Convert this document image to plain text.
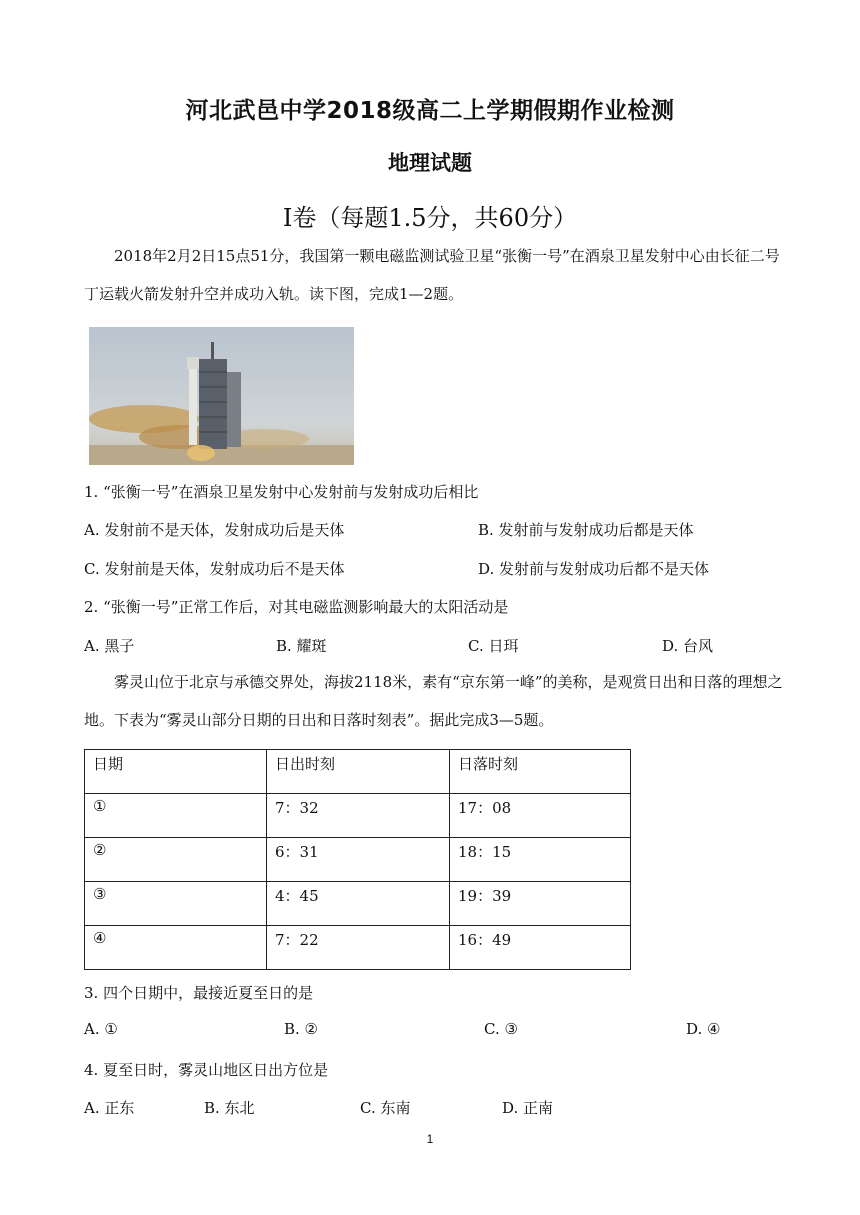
河北武邑中学2018级高二上学期假期作业检测
地理试题
Ⅰ卷（每题1.5分，共60分）
2018年2月2日15点51分，我国第一颗电磁监测试验卫星“张衡一号”在酒泉卫星发射中心由长征二号丁运载火箭发射升空并成功入轨。读下图，完成1—2题。
1. “张衡一号”在酒泉卫星发射中心发射前与发射成功后相比
A. 发射前不是天体，发射成功后是天体	B. 发射前与发射成功后都是天体
C. 发射前是天体，发射成功后不是天体	D. 发射前与发射成功后都不是天体
2. “张衡一号”正常工作后，对其电磁监测影响最大的太阳活动是
A. 黑子	B. 耀斑	C. 日珥	D. 台风
雾灵山位于北京与承德交界处，海拔2118米，素有“京东第一峰”的美称，是观赏日出和日落的理想之地。下表为“雾灵山部分日期的日出和日落时刻表”。据此完成3—5题。
日期	日出时刻	日落时刻
①	7：32	17：08
②	6：31	18：15
③	4：45	19：39
④	7：22	16：49
3. 四个日期中，最接近夏至日的是
A. ①	B. ②	C. ③	D. ④
4. 夏至日时，雾灵山地区日出方位是
A. 正东	B. 东北	C. 东南	D. 正南
1
